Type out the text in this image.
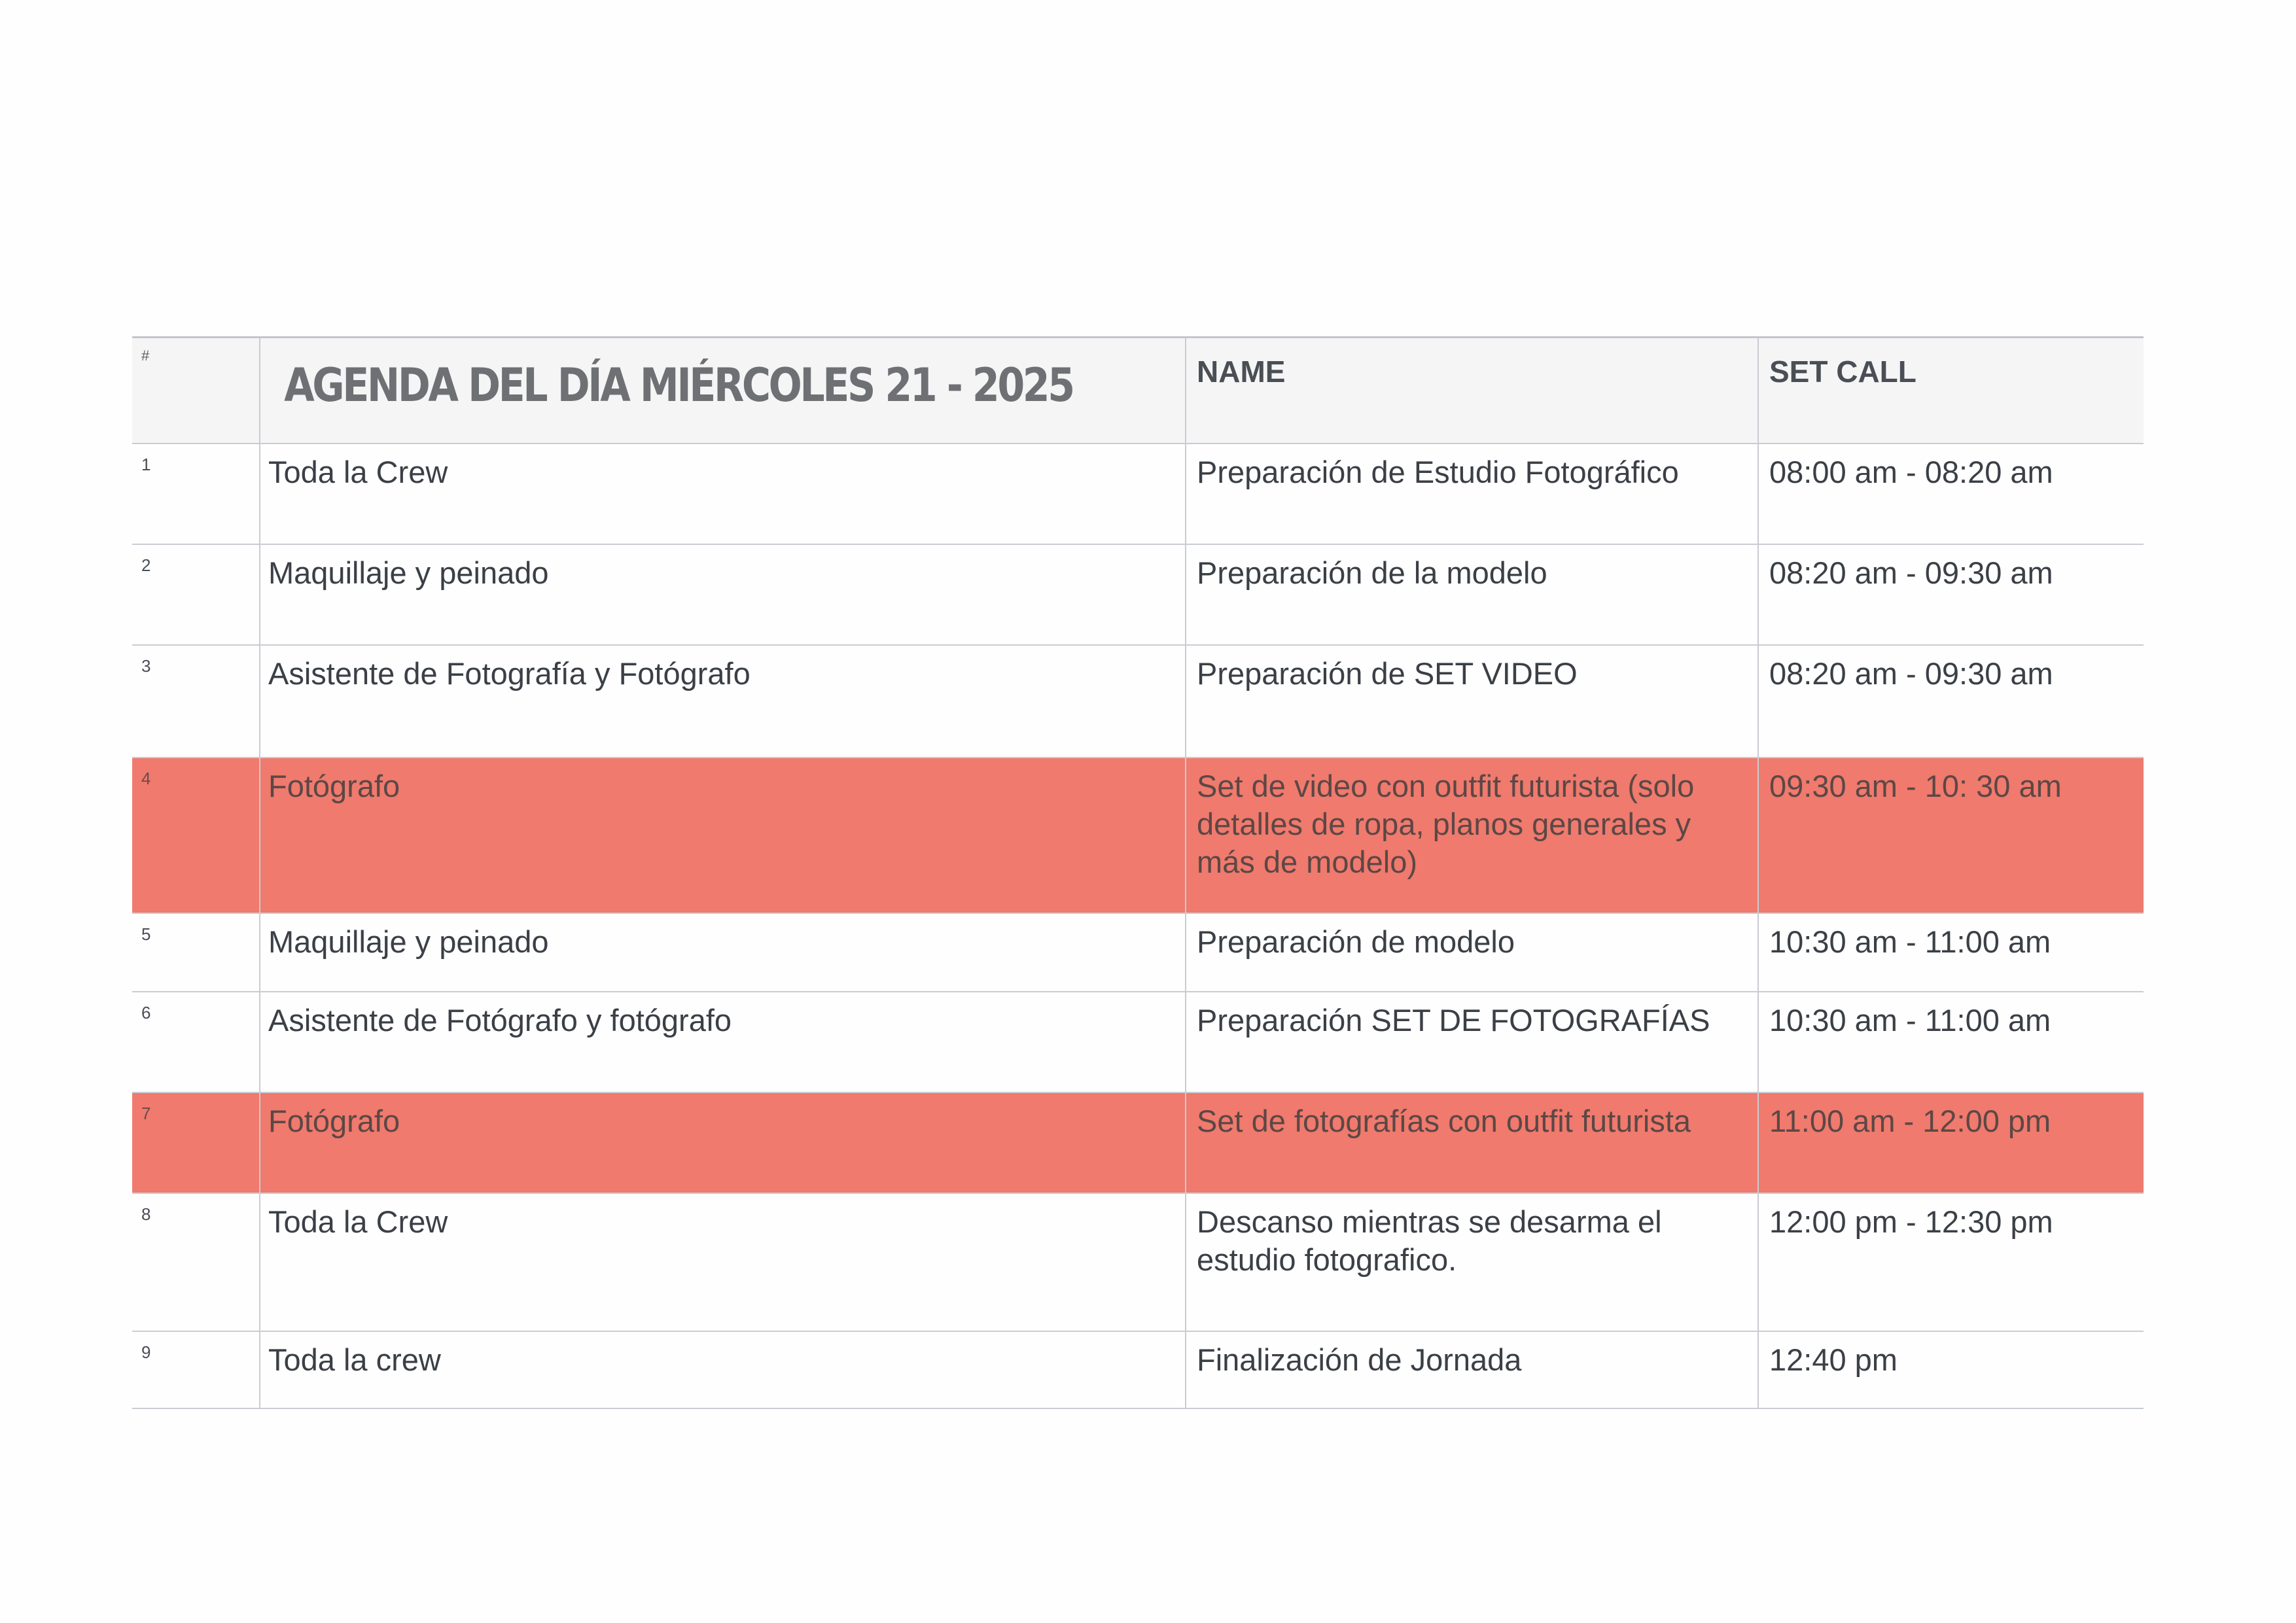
#	AGENDA DEL DÍA MIÉRCOLES 21 - 2025	NAME	SET CALL
1	Toda la Crew	Preparación de Estudio Fotográfico	08:00 am - 08:20 am
2	Maquillaje y peinado	Preparación de la modelo	08:20 am - 09:30 am
3	Asistente de Fotografía y Fotógrafo	Preparación de SET VIDEO	08:20 am - 09:30 am
4	Fotógrafo	Set de video con outfit futurista (solo detalles de ropa, planos generales y más de modelo)	09:30 am - 10: 30 am
5	Maquillaje y peinado	Preparación de modelo	10:30 am - 11:00 am
6	Asistente de Fotógrafo y fotógrafo	Preparación SET DE FOTOGRAFÍAS	10:30 am - 11:00 am
7	Fotógrafo	Set de fotografías con outfit futurista	11:00 am - 12:00 pm
8	Toda la Crew	Descanso mientras se desarma el estudio fotografico.	12:00 pm - 12:30 pm
9	Toda la crew	Finalización de Jornada	12:40 pm
